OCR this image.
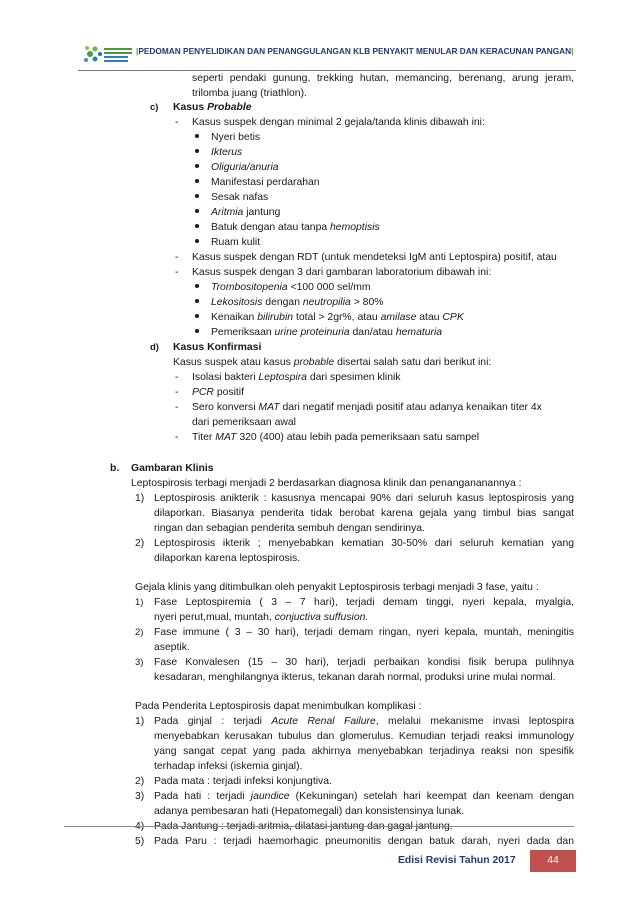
|PEDOMAN PENYELIDIKAN DAN PENANGGULANGAN KLB PENYAKIT MENULAR DAN KERACUNAN PANGAN|
seperti pendaki gunung, trekking hutan, memancing, berenang, arung jeram,
trilomba juang (triathlon).
c) Kasus Probable
- Kasus suspek dengan minimal 2 gejala/tanda klinis dibawah ini:
Nyeri betis
Ikterus
Oliguria/anuria
Manifestasi perdarahan
Sesak nafas
Aritmia jantung
Batuk dengan atau tanpa hemoptisis
Ruam kulit
- Kasus suspek dengan RDT (untuk mendeteksi IgM anti Leptospira) positif, atau
- Kasus suspek dengan 3 dari gambaran laboratorium dibawah ini:
Trombositopenia <100 000 sel/mm
Lekositosis dengan neutropilia > 80%
Kenaikan bilirubin total > 2gr%, atau amilase atau CPK
Pemeriksaan urine proteinuria dan/atau hematuria
d) Kasus Konfirmasi
Kasus suspek atau kasus probable disertai salah satu dari berikut ini:
- Isolasi bakteri Leptospira dari spesimen klinik
- PCR positif
- Sero konversi MAT dari negatif menjadi positif atau adanya kenaikan titer 4x
dari pemeriksaan awal
- Titer MAT 320 (400) atau lebih pada pemeriksaan satu sampel
b. Gambaran Klinis
Leptospirosis terbagi menjadi 2 berdasarkan diagnosa klinik dan penangananannya :
1) Leptospirosis anikterik : kasusnya mencapai 90% dari seluruh kasus leptospirosis yang
dilaporkan. Biasanya penderita tidak berobat karena gejala yang timbul bias sangat
ringan dan sebagian penderita sembuh dengan sendirinya.
2) Leptospirosis ikterik ; menyebabkan kematian 30-50% dari seluruh kematian yang
dilaporkan karena leptospirosis.
Gejala klinis yang ditimbulkan oleh penyakit Leptospirosis terbagi menjadi 3 fase, yaitu :
1) Fase Leptospiremia ( 3 – 7 hari), terjadi demam tinggi, nyeri kepala, myalgia,
nyeri perut,mual, muntah, conjuctiva suffusion.
2) Fase immune ( 3 – 30 hari), terjadi demam ringan, nyeri kepala, muntah, meningitis
aseptik.
3) Fase Konvalesen (15 – 30 hari), terjadi perbaikan kondisi fisik berupa pulihnya
kesadaran, menghilangnya ikterus, tekanan darah normal, produksi urine mulai normal.
Pada Penderita Leptospirosis dapat menimbulkan komplikasi :
1) Pada ginjal : terjadi Acute Renal Failure, melalui mekanisme invasi leptospira
menyebabkan kerusakan tubulus dan glomerulus. Kemudian terjadi reaksi immunology
yang sangat cepat yang pada akhirnya menyebabkan terjadinya reaksi non spesifik
terhadap infeksi (iskemia ginjal).
2) Pada mata : terjadi infeksi konjungtiva.
3) Pada hati : terjadi jaundice (Kekuningan) setelah hari keempat dan keenam dengan
adanya pembesaran hati (Hepatomegali) dan konsistensinya lunak.
5) Pada Paru : terjadi haemorhagic pneumonitis dengan batuk darah, nyeri dada dan
Edisi Revisi Tahun 2017	44
